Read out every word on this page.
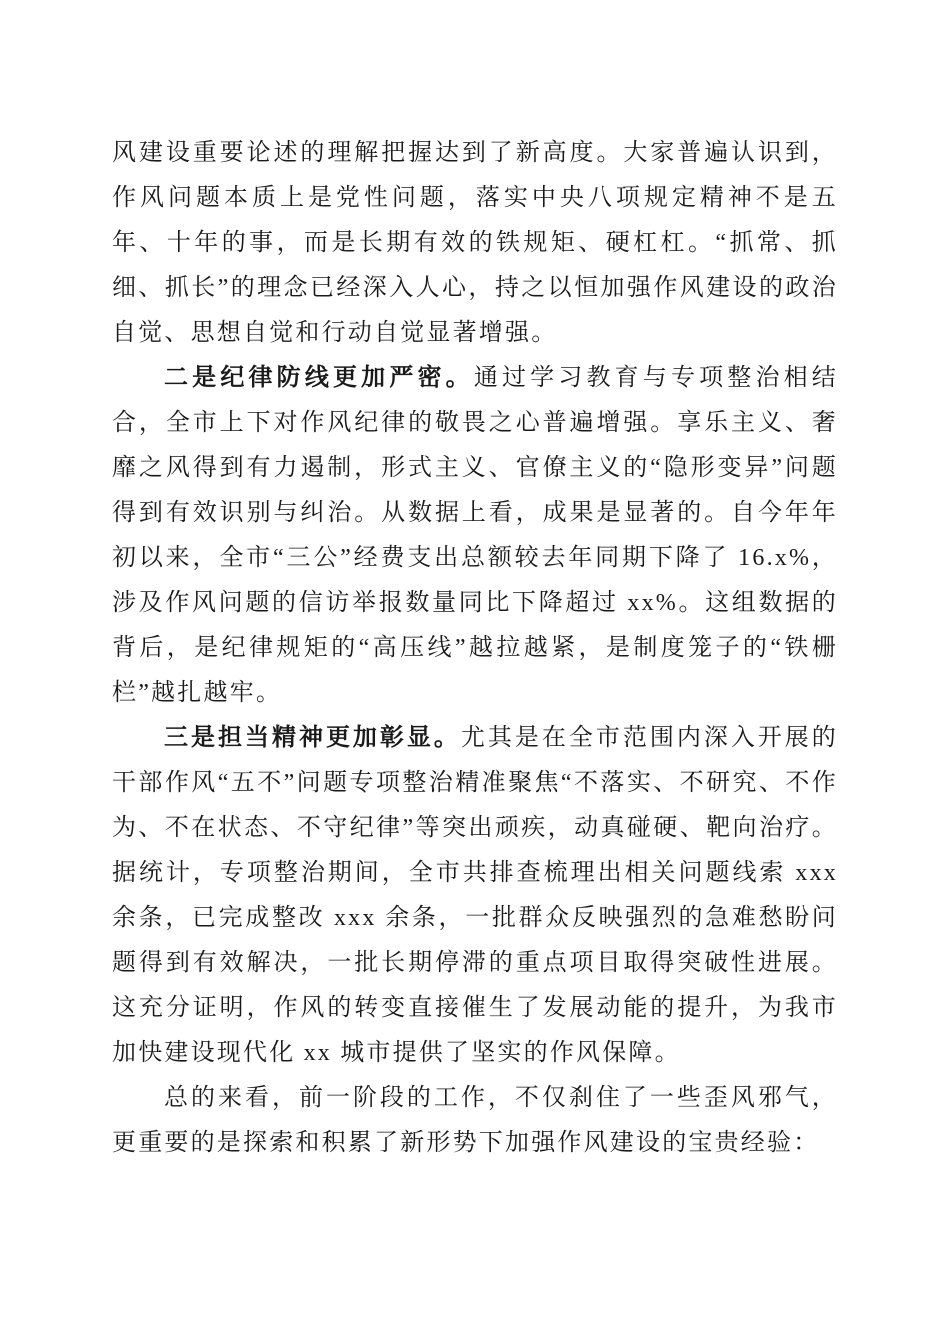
风建设重要论述的理解把握达到了新高度。大家普遍认识到，作风问题本质上是党性问题，落实中央八项规定精神不是五年、十年的事，而是长期有效的铁规矩、硬杠杠。“抓常、抓细、抓长”的理念已经深入人心，持之以恒加强作风建设的政治自觉、思想自觉和行动自觉显著增强。

二是纪律防线更加严密。通过学习教育与专项整治相结合，全市上下对作风纪律的敬畏之心普遍增强。享乐主义、奢靡之风得到有力遏制，形式主义、官僚主义的“隐形变异”问题得到有效识别与纠治。从数据上看，成果是显著的。自今年年初以来，全市“三公”经费支出总额较去年同期下降了 16.x%，涉及作风问题的信访举报数量同比下降超过 xx%。这组数据的背后，是纪律规矩的“高压线”越拉越紧，是制度笼子的“铁栅栏”越扎越牢。

三是担当精神更加彰显。尤其是在全市范围内深入开展的干部作风“五不”问题专项整治精准聚焦“不落实、不研究、不作为、不在状态、不守纪律”等突出顽疾，动真碰硬、靶向治疗。据统计，专项整治期间，全市共排查梳理出相关问题线索 xxx 余条，已完成整改 xxx 余条，一批群众反映强烈的急难愁盼问题得到有效解决，一批长期停滞的重点项目取得突破性进展。这充分证明，作风的转变直接催生了发展动能的提升，为我市加快建设现代化 xx 城市提供了坚实的作风保障。

总的来看，前一阶段的工作，不仅刹住了一些歪风邪气，更重要的是探索和积累了新形势下加强作风建设的宝贵经验：
